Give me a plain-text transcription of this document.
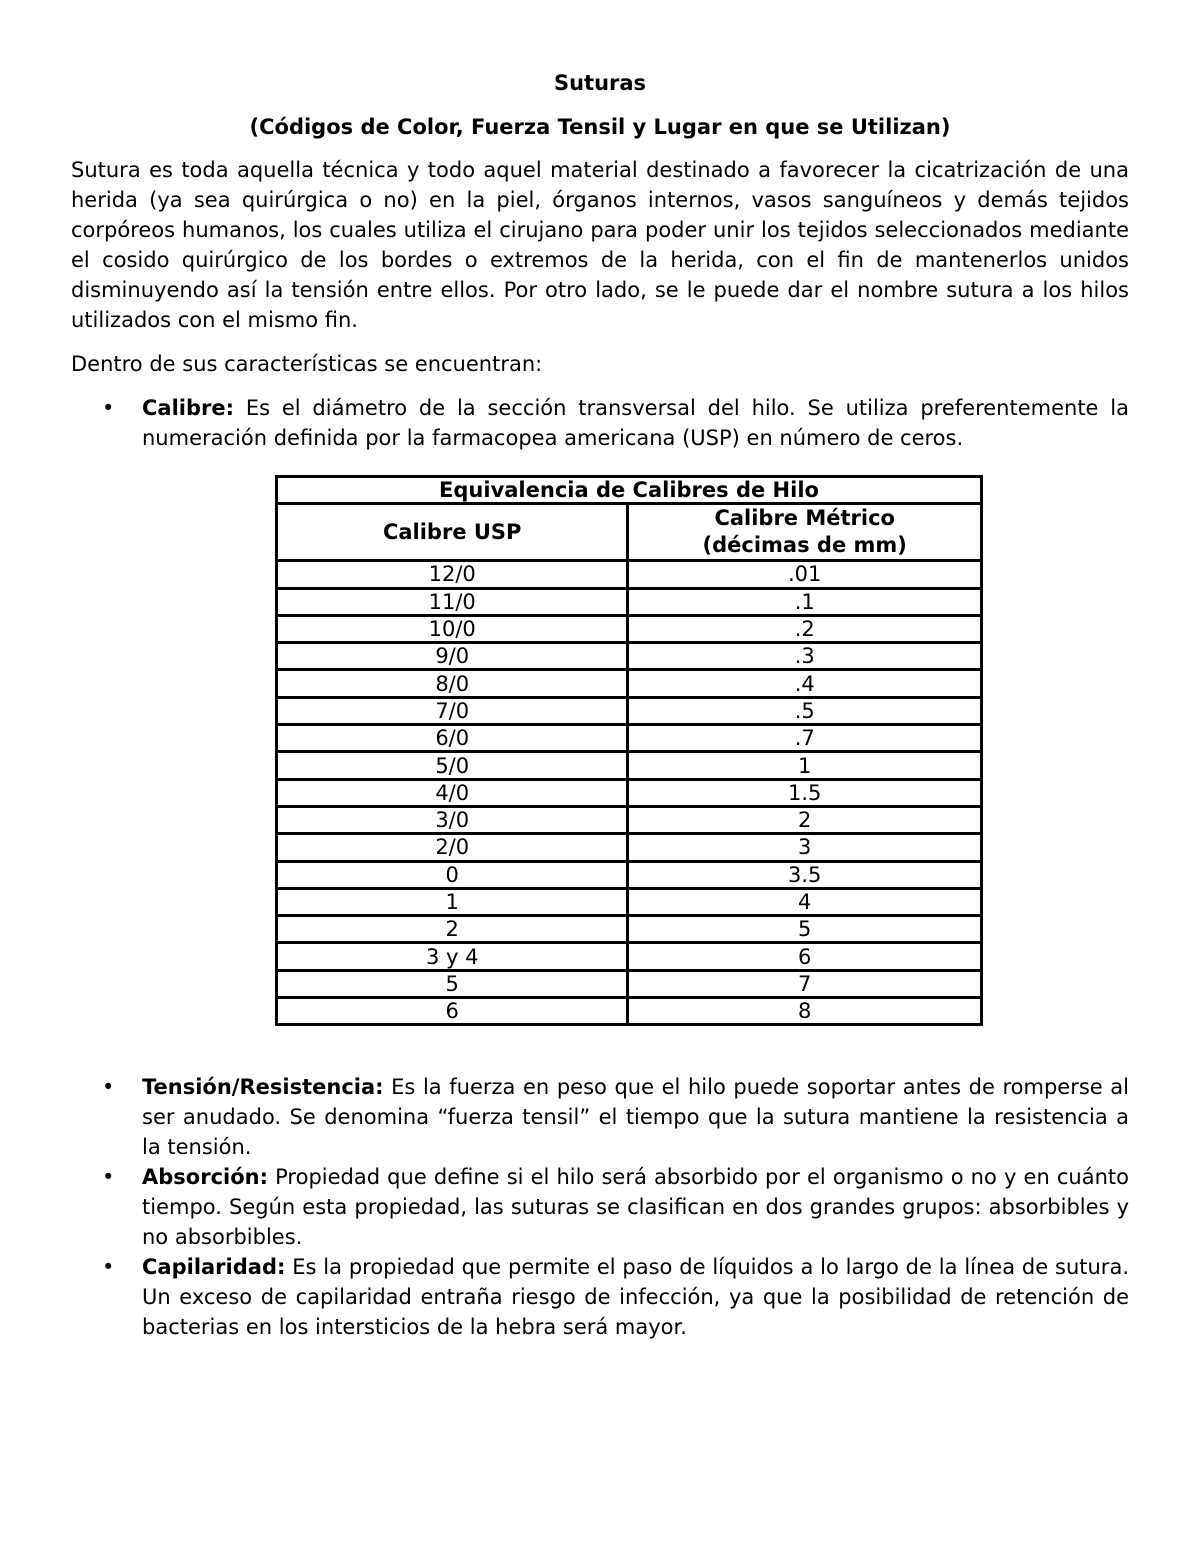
Suturas
(Códigos de Color, Fuerza Tensil y Lugar en que se Utilizan)

Sutura es toda aquella técnica y todo aquel material destinado a favorecer la cicatrización de una herida (ya sea quirúrgica o no) en la piel, órganos internos, vasos sanguíneos y demás tejidos corpóreos humanos, los cuales utiliza el cirujano para poder unir los tejidos seleccionados mediante el cosido quirúrgico de los bordes o extremos de la herida, con el fin de mantenerlos unidos disminuyendo así la tensión entre ellos. Por otro lado, se le puede dar el nombre sutura a los hilos utilizados con el mismo fin.

Dentro de sus características se encuentran:

• Calibre: Es el diámetro de la sección transversal del hilo. Se utiliza preferentemente la numeración definida por la farmacopea americana (USP) en número de ceros.
Equivalencia de Calibres de Hilo	
Calibre USP	Calibre Métrico
(décimas de mm)
12/0	.01
11/0	.1
10/0	.2
9/0	.3
8/0	.4
7/0	.5
6/0	.7
5/0	1
4/0	1.5
3/0	2
2/0	3
0	3.5
1	4
2	5
3 y 4	6
5	7
6	8
• Tensión/Resistencia: Es la fuerza en peso que el hilo puede soportar antes de romperse al ser anudado. Se denomina “fuerza tensil” el tiempo que la sutura mantiene la resistencia a la tensión.
• Absorción: Propiedad que define si el hilo será absorbido por el organismo o no y en cuánto tiempo. Según esta propiedad, las suturas se clasifican en dos grandes grupos: absorbibles y no absorbibles.
• Capilaridad: Es la propiedad que permite el paso de líquidos a lo largo de la línea de sutura. Un exceso de capilaridad entraña riesgo de infección, ya que la posibilidad de retención de bacterias en los intersticios de la hebra será mayor.
